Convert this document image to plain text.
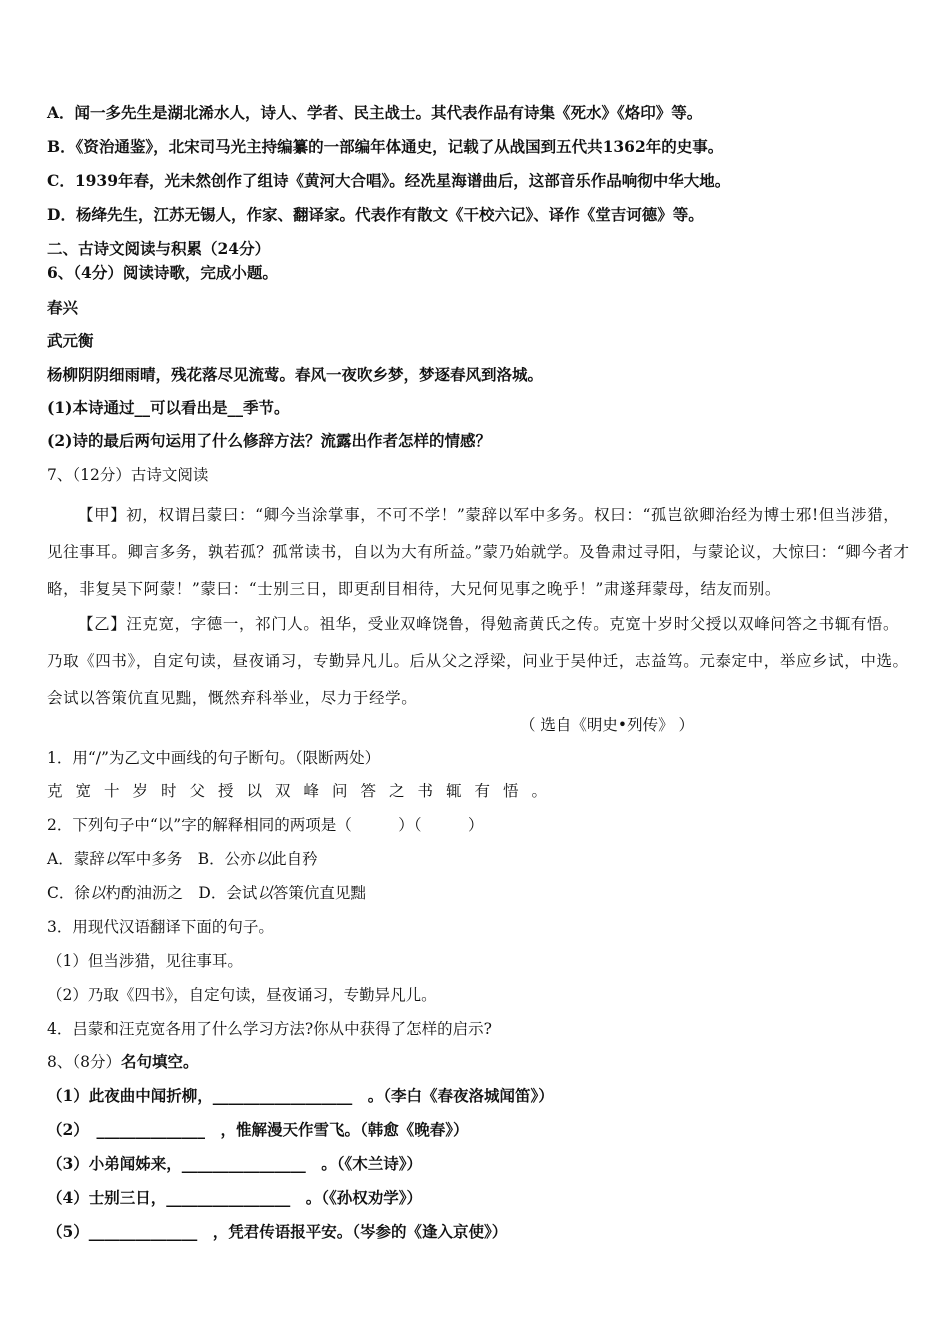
A．闻一多先生是湖北浠水人，诗人、学者、民主战士。其代表作品有诗集《死水》《烙印》等。
B．《资治通鉴》，北宋司马光主持编纂的一部编年体通史，记载了从战国到五代共1362年的史事。
C．1939年春，光未然创作了组诗《黄河大合唱》。经冼星海谱曲后，这部音乐作品响彻中华大地。
D．杨绛先生，江苏无锡人，作家、翻译家。代表作有散文《干校六记》、译作《堂吉诃德》等。
二、古诗文阅读与积累（24分）
6、（4分）阅读诗歌，完成小题。
春兴
武元衡
杨柳阴阴细雨晴，残花落尽见流莺。春风一夜吹乡梦，梦逐春风到洛城。
(1)本诗通过__可以看出是__季节。
(2)诗的最后两句运用了什么修辞方法？流露出作者怎样的情感？
7、（12分）古诗文阅读
【甲】初，权谓吕蒙曰：“卿今当涂掌事，不可不学！”蒙辞以军中多务。权曰：“孤岂欲卿治经为博士邪!但当涉猎，见往事耳。卿言多务，孰若孤？孤常读书，自以为大有所益。”蒙乃始就学。及鲁肃过寻阳，与蒙论议，大惊曰：“卿今者才略，非复吴下阿蒙！”蒙曰：“士别三日，即更刮目相待，大兄何见事之晚乎！”肃遂拜蒙母，结友而别。
【乙】汪克宽，字德一，祁门人。祖华，受业双峰饶鲁，得勉斋黄氏之传。克宽十岁时父授以双峰问答之书辄有悟。乃取《四书》，自定句读，昼夜诵习，专勤异凡儿。后从父之浮梁，问业于吴仲迁，志益笃。元泰定中，举应乡试，中选。会试以答策伉直见黜，慨然弃科举业，尽力于经学。
（ 选自《明史•列传》 ）
1．用“/”为乙文中画线的句子断句。（限断两处）
克宽十岁时父授以双峰问答之书辄有悟。
2．下列句子中“以”字的解释相同的两项是（　　　）（　　　）
A．蒙辞以军中多务　B．公亦以此自矜
C．徐以杓酌油沥之　D．会试以答策伉直见黜
3．用现代汉语翻译下面的句子。
（1）但当涉猎，见往事耳。
（2）乃取《四书》，自定句读，昼夜诵习，专勤异凡儿。
4．吕蒙和汪克宽各用了什么学习方法?你从中获得了怎样的启示?
8、（8分）名句填空。
（1）此夜曲中闻折柳，__________________　。（李白《春夜洛城闻笛》）
（2）　______________　，惟解漫天作雪飞。（韩愈《晚春》）
（3）小弟闻姊来，________________　。（《木兰诗》）
（4）士别三日，________________　。（《孙权劝学》）
（5）______________　，凭君传语报平安。（岑参的《逢入京使》）
